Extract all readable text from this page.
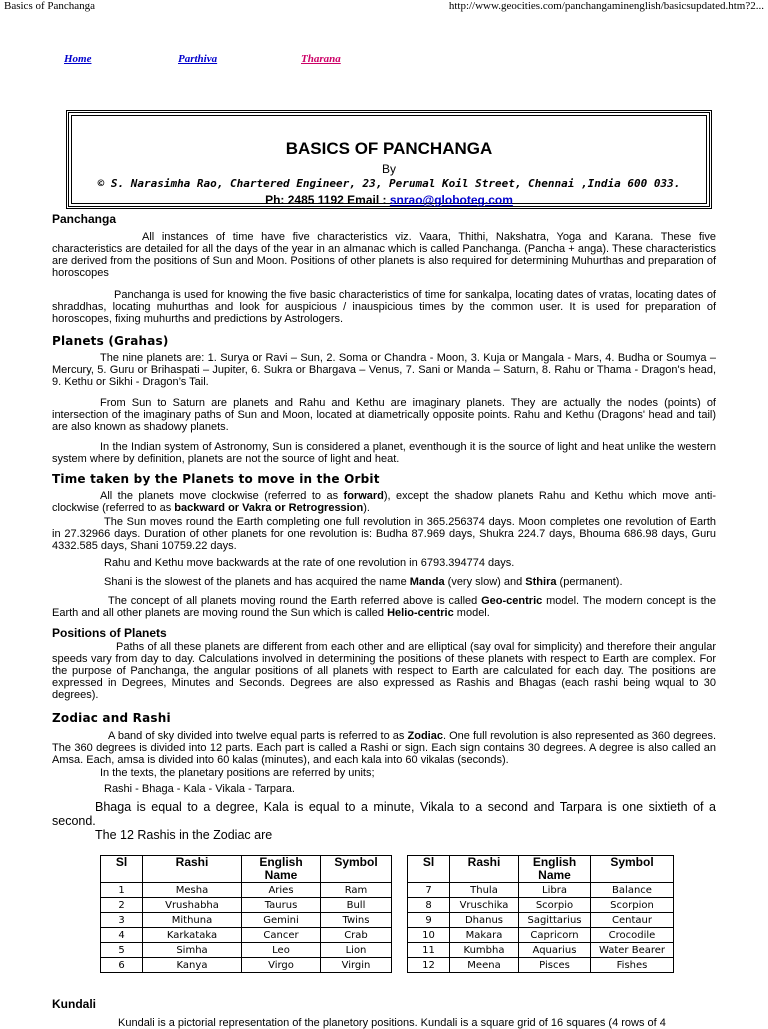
Basics of Panchanga	http://www.geocities.com/panchangaminenglish/basicsupdated.htm?2...
Home	Parthiva	Tharana
BASICS OF PANCHANGA
By
© S. Narasimha Rao, Chartered Engineer, 23, Perumal Koil Street, Chennai ,India 600 033.
Ph: 2485 1192 Email : snrao@globoteg.com
Panchanga
All instances of time have five characteristics viz. Vaara, Thithi, Nakshatra, Yoga and Karana. These five characteristics are detailed for all the days of the year in an almanac which is called Panchanga. (Pancha + anga). These characteristics are derived from the positions of Sun and Moon. Positions of other planets is also required for determining Muhurthas and preparation of horoscopes
Panchanga is used for knowing the five basic characteristics of time for sankalpa, locating dates of vratas, locating dates of shraddhas, locating muhurthas and look for auspicious / inauspicious times by the common user. It is used for preparation of horoscopes, fixing muhurths and predictions by Astrologers.
Planets (Grahas)
The nine planets are: 1. Surya or Ravi – Sun, 2. Soma or Chandra - Moon, 3. Kuja or Mangala - Mars, 4. Budha or Soumya – Mercury, 5. Guru or Brihaspati – Jupiter, 6. Sukra or Bhargava – Venus, 7. Sani or Manda – Saturn, 8. Rahu or Thama - Dragon's head, 9. Kethu or Sikhi - Dragon’s Tail.
From Sun to Saturn are planets and Rahu and Kethu are imaginary planets. They are actually the nodes (points) of intersection of the imaginary paths of Sun and Moon, located at diametrically opposite points. Rahu and Kethu (Dragons' head and tail) are also known as shadowy planets.
In the Indian system of Astronomy, Sun is considered a planet, eventhough it is the source of light and heat unlike the western system where by definition, planets are not the source of light and heat.
Time taken by the Planets to move in the Orbit
All the planets move clockwise (referred to as forward), except the shadow planets Rahu and Kethu which move anti-clockwise (referred to as backward or Vakra or Retrogression).
The Sun moves round the Earth completing one full revolution in 365.256374 days. Moon completes one revolution of Earth in 27.32966 days. Duration of other planets for one revolution is: Budha 87.969 days, Shukra 224.7 days, Bhouma 686.98 days, Guru 4332.585 days, Shani 10759.22 days.
Rahu and Kethu move backwards at the rate of one revolution in 6793.394774 days.
Shani is the slowest of the planets and has acquired the name Manda (very slow) and Sthira (permanent).
The concept of all planets moving round the Earth referred above is called Geo-centric model. The modern concept is the Earth and all other planets are moving round the Sun which is called Helio-centric model.
Positions of Planets
Paths of all these planets are different from each other and are elliptical (say oval for simplicity) and therefore their angular speeds vary from day to day. Calculations involved in determining the positions of these planets with respect to Earth are complex. For the purpose of Panchanga, the angular positions of all planets with respect to Earth are calculated for each day. The positions are expressed in Degrees, Minutes and Seconds. Degrees are also expressed as Rashis and Bhagas (each rashi being wqual to 30 degrees).
Zodiac and Rashi
A band of sky divided into twelve equal parts is referred to as Zodiac. One full revolution is also represented as 360 degrees. The 360 degrees is divided into 12 parts. Each part is called a Rashi or sign. Each sign contains 30 degrees. A degree is also called an Amsa. Each, amsa is divided into 60 kalas (minutes), and each kala into 60 vikalas (seconds).
In the texts, the planetary positions are referred by units;
Rashi - Bhaga - Kala - Vikala - Tarpara.
Bhaga is equal to a degree, Kala is equal to a minute, Vikala to a second and Tarpara is one sixtieth of a second.
The 12 Rashis in the Zodiac are
Sl	Rashi	English Name	Symbol		Sl	Rashi	English Name	Symbol
1	Mesha	Aries	Ram		7	Thula	Libra	Balance
2	Vrushabha	Taurus	Bull		8	Vruschika	Scorpio	Scorpion
3	Mithuna	Gemini	Twins		9	Dhanus	Sagittarius	Centaur
4	Karkataka	Cancer	Crab		10	Makara	Capricorn	Crocodile
5	Simha	Leo	Lion		11	Kumbha	Aquarius	Water Bearer
6	Kanya	Virgo	Virgin		12	Meena	Pisces	Fishes
Kundali
Kundali is a pictorial representation of the planetory positions. Kundali is a square grid of 16 squares (4 rows of 4
